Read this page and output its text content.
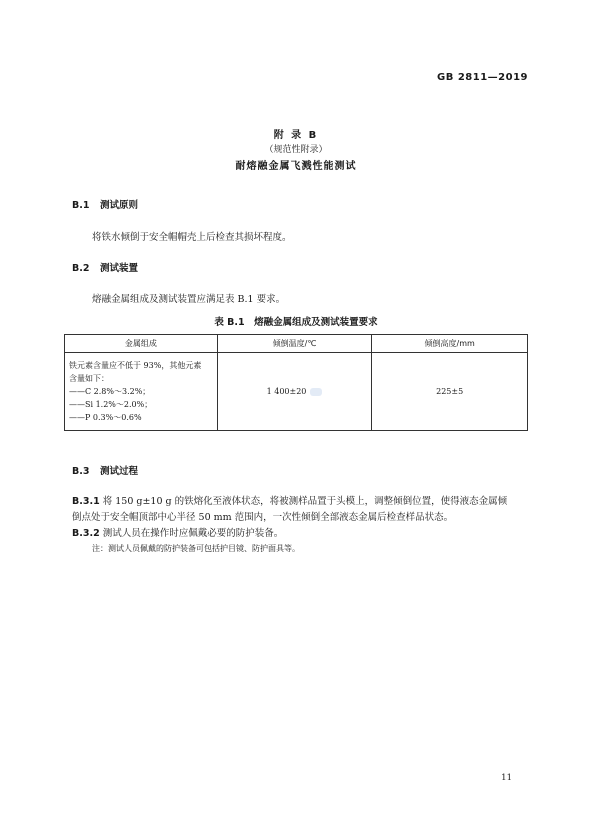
GB 2811—2019
附 录 B
（规范性附录）
耐熔融金属飞溅性能测试
B.1 测试原则
将铁水倾倒于安全帽帽壳上后检查其损坏程度。
B.2 测试装置
熔融金属组成及测试装置应满足表 B.1 要求。
表 B.1　熔融金属组成及测试装置要求
金属组成	倾倒温度/℃	倾倒高度/mm

铁元素含量应不低于 93%，其他元素
含量如下：
——C 2.8%～3.2%；
——Si 1.2%～2.0%；
——P 0.3%～0.6%	1 400±20	225±5
B.3 测试过程
B.3.1 将 150 g±10 g 的铁熔化至液体状态，将被测样品置于头模上，调整倾倒位置，使得液态金属倾
倒点处于安全帽顶部中心半径 50 mm 范围内，一次性倾倒全部液态金属后检查样品状态。
B.3.2 测试人员在操作时应佩戴必要的防护装备。
注：测试人员佩戴的防护装备可包括护目镜、防护面具等。
11
